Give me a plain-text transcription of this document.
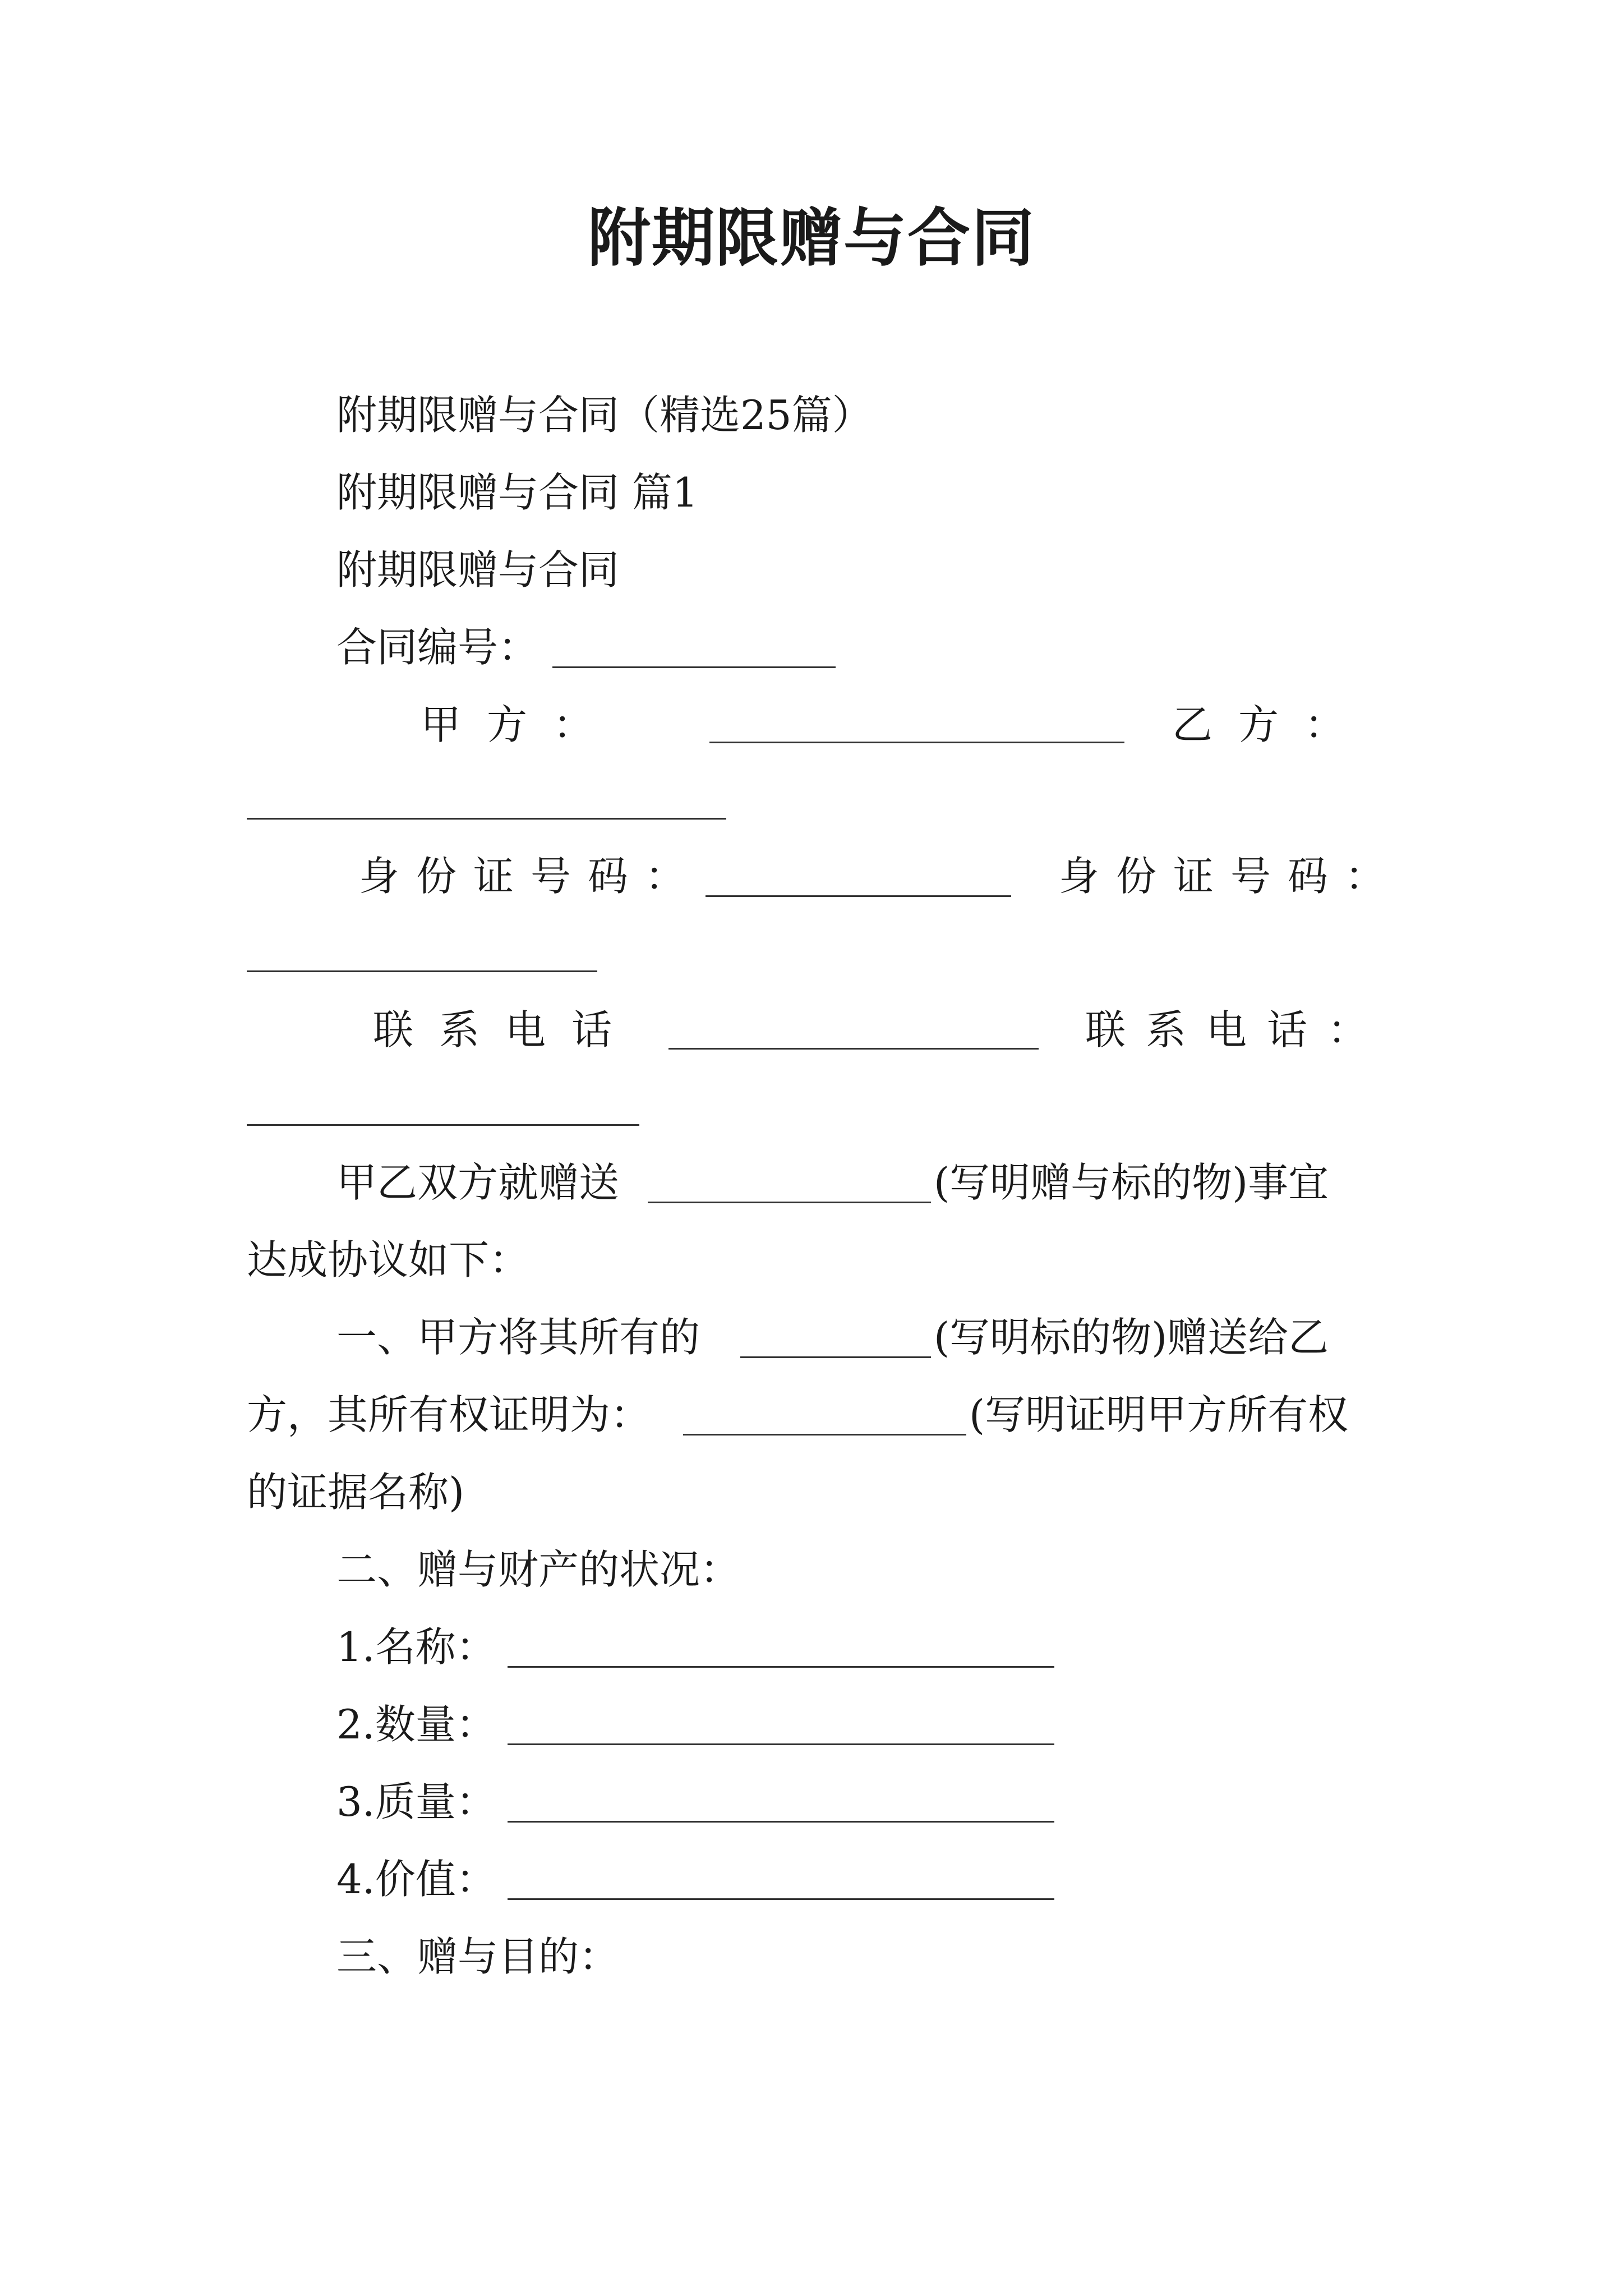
附期限赠与合同
附期限赠与合同（精选25篇）
附期限赠与合同 篇1
附期限赠与合同
合同编号：
甲方：	乙方：
身份证号码：	身份证号码：
联系电话	联系电话：
甲乙双方就赠送	(写明赠与标的物)事宜
达成协议如下：
一、甲方将其所有的	(写明标的物)赠送给乙
方，其所有权证明为：	(写明证明甲方所有权
的证据名称)
二、赠与财产的状况：
1.名称：
2.数量：
3.质量：
4.价值：
三、赠与目的：
